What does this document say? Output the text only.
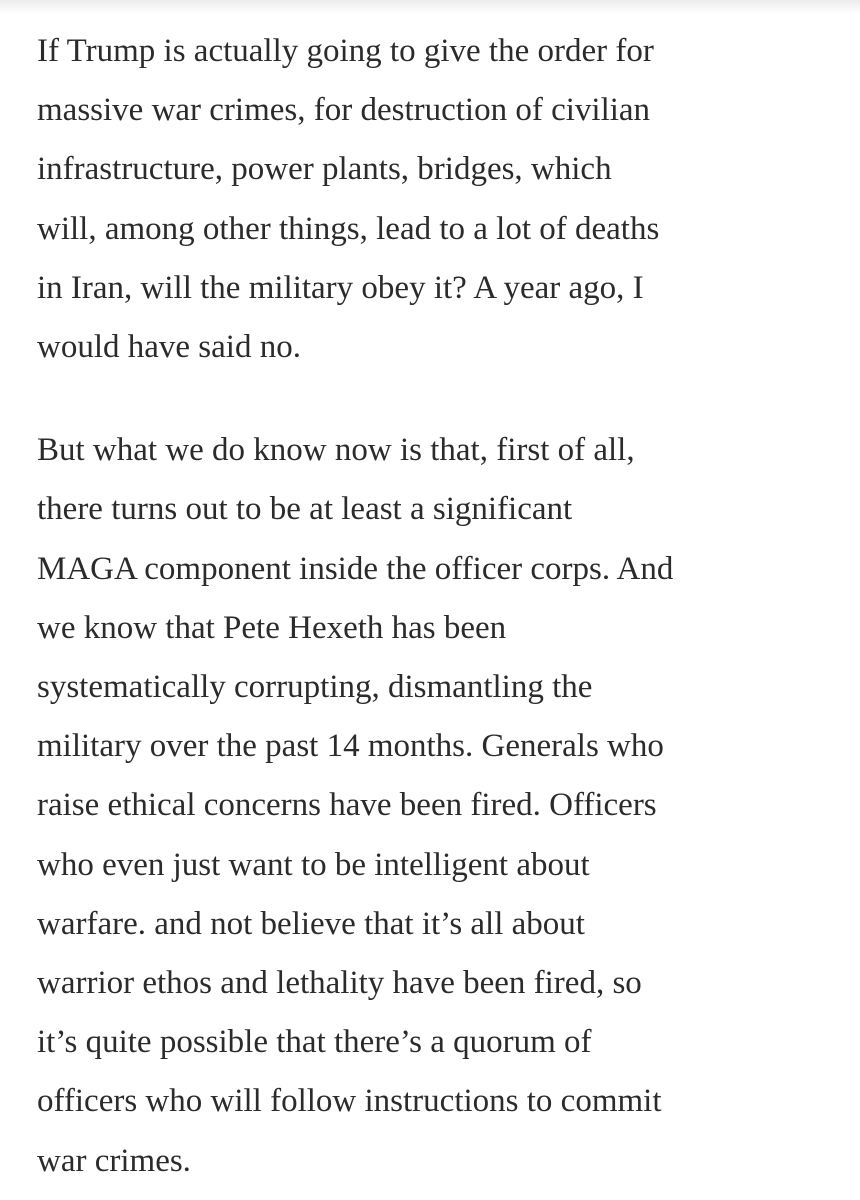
If Trump is actually going to give the order for
massive war crimes, for destruction of civilian
infrastructure, power plants, bridges, which
will, among other things, lead to a lot of deaths
in Iran, will the military obey it? A year ago, I
would have said no.

But what we do know now is that, first of all,
there turns out to be at least a significant
MAGA component inside the officer corps. And
we know that Pete Hexeth has been
systematically corrupting, dismantling the
military over the past 14 months. Generals who
raise ethical concerns have been fired. Officers
who even just want to be intelligent about
warfare. and not believe that it’s all about
warrior ethos and lethality have been fired, so
it’s quite possible that there’s a quorum of
officers who will follow instructions to commit
war crimes.
